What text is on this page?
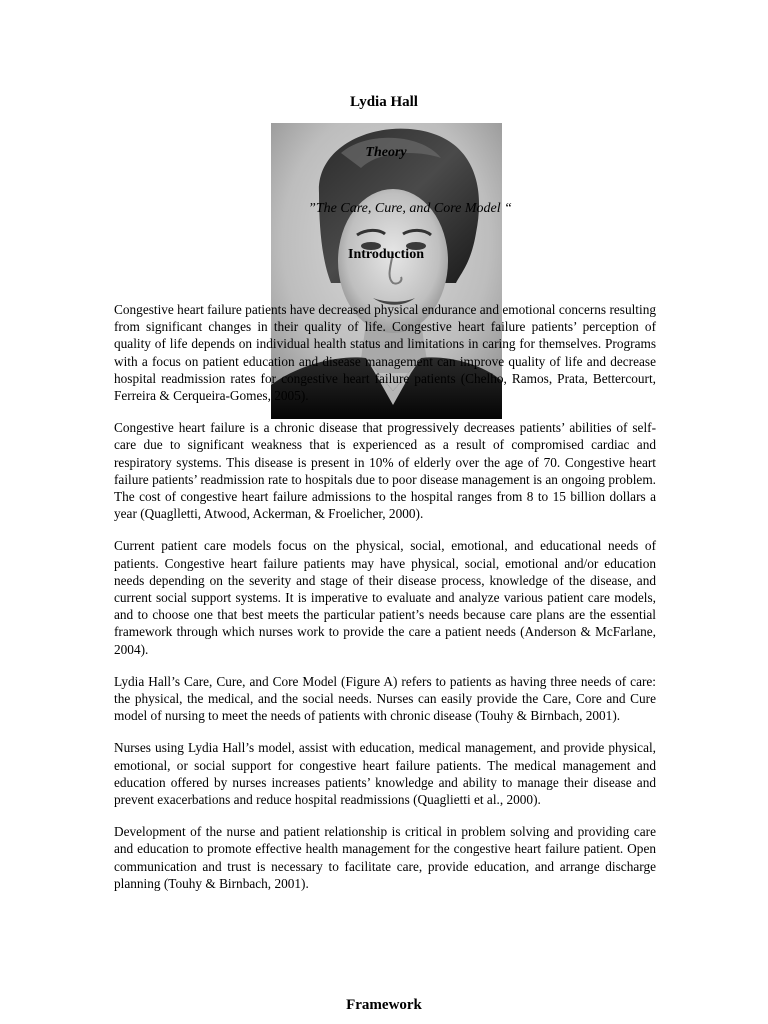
Lydia Hall
Theory
”The Care, Cure, and Core Model “
Introduction

Congestive heart failure patients have decreased physical endurance and emotional concerns resulting from significant changes in their quality of life. Congestive heart failure patients’ perception of quality of life depends on individual health status and limitations in caring for themselves. Programs with a focus on patient education and disease management can improve quality of life and decrease hospital readmission rates for congestive heart failure patients (Chelho, Ramos, Prata, Bettercourt, Ferreira & Cerqueira-Gomes, 2005).

Congestive heart failure is a chronic disease that progressively decreases patients’ abilities of self-care due to significant weakness that is experienced as a result of compromised cardiac and respiratory systems. This disease is present in 10% of elderly over the age of 70. Congestive heart failure patients’ readmission rate to hospitals due to poor disease management is an ongoing problem. The cost of congestive heart failure admissions to the hospital ranges from 8 to 15 billion dollars a year (Quaglletti, Atwood, Ackerman, & Froelicher, 2000).

Current patient care models focus on the physical, social, emotional, and educational needs of patients. Congestive heart failure patients may have physical, social, emotional and/or education needs depending on the severity and stage of their disease process, knowledge of the disease, and current social support systems. It is imperative to evaluate and analyze various patient care models, and to choose one that best meets the particular patient’s needs because care plans are the essential framework through which nurses work to provide the care a patient needs (Anderson & McFarlane, 2004).

Lydia Hall’s Care, Cure, and Core Model (Figure A) refers to patients as having three needs of care: the physical, the medical, and the social needs. Nurses can easily provide the Care, Core and Cure model of nursing to meet the needs of patients with chronic disease (Touhy & Birnbach, 2001).

Nurses using Lydia Hall’s model, assist with education, medical management, and provide physical, emotional, or social support for congestive heart failure patients. The medical management and education offered by nurses increases patients’ knowledge and ability to manage their disease and prevent exacerbations and reduce hospital readmissions (Quaglietti et al., 2000).

Development of the nurse and patient relationship is critical in problem solving and providing care and education to promote effective health management for the congestive heart failure patient. Open communication and trust is necessary to facilitate care, provide education, and arrange discharge planning (Touhy & Birnbach, 2001).

Framework
